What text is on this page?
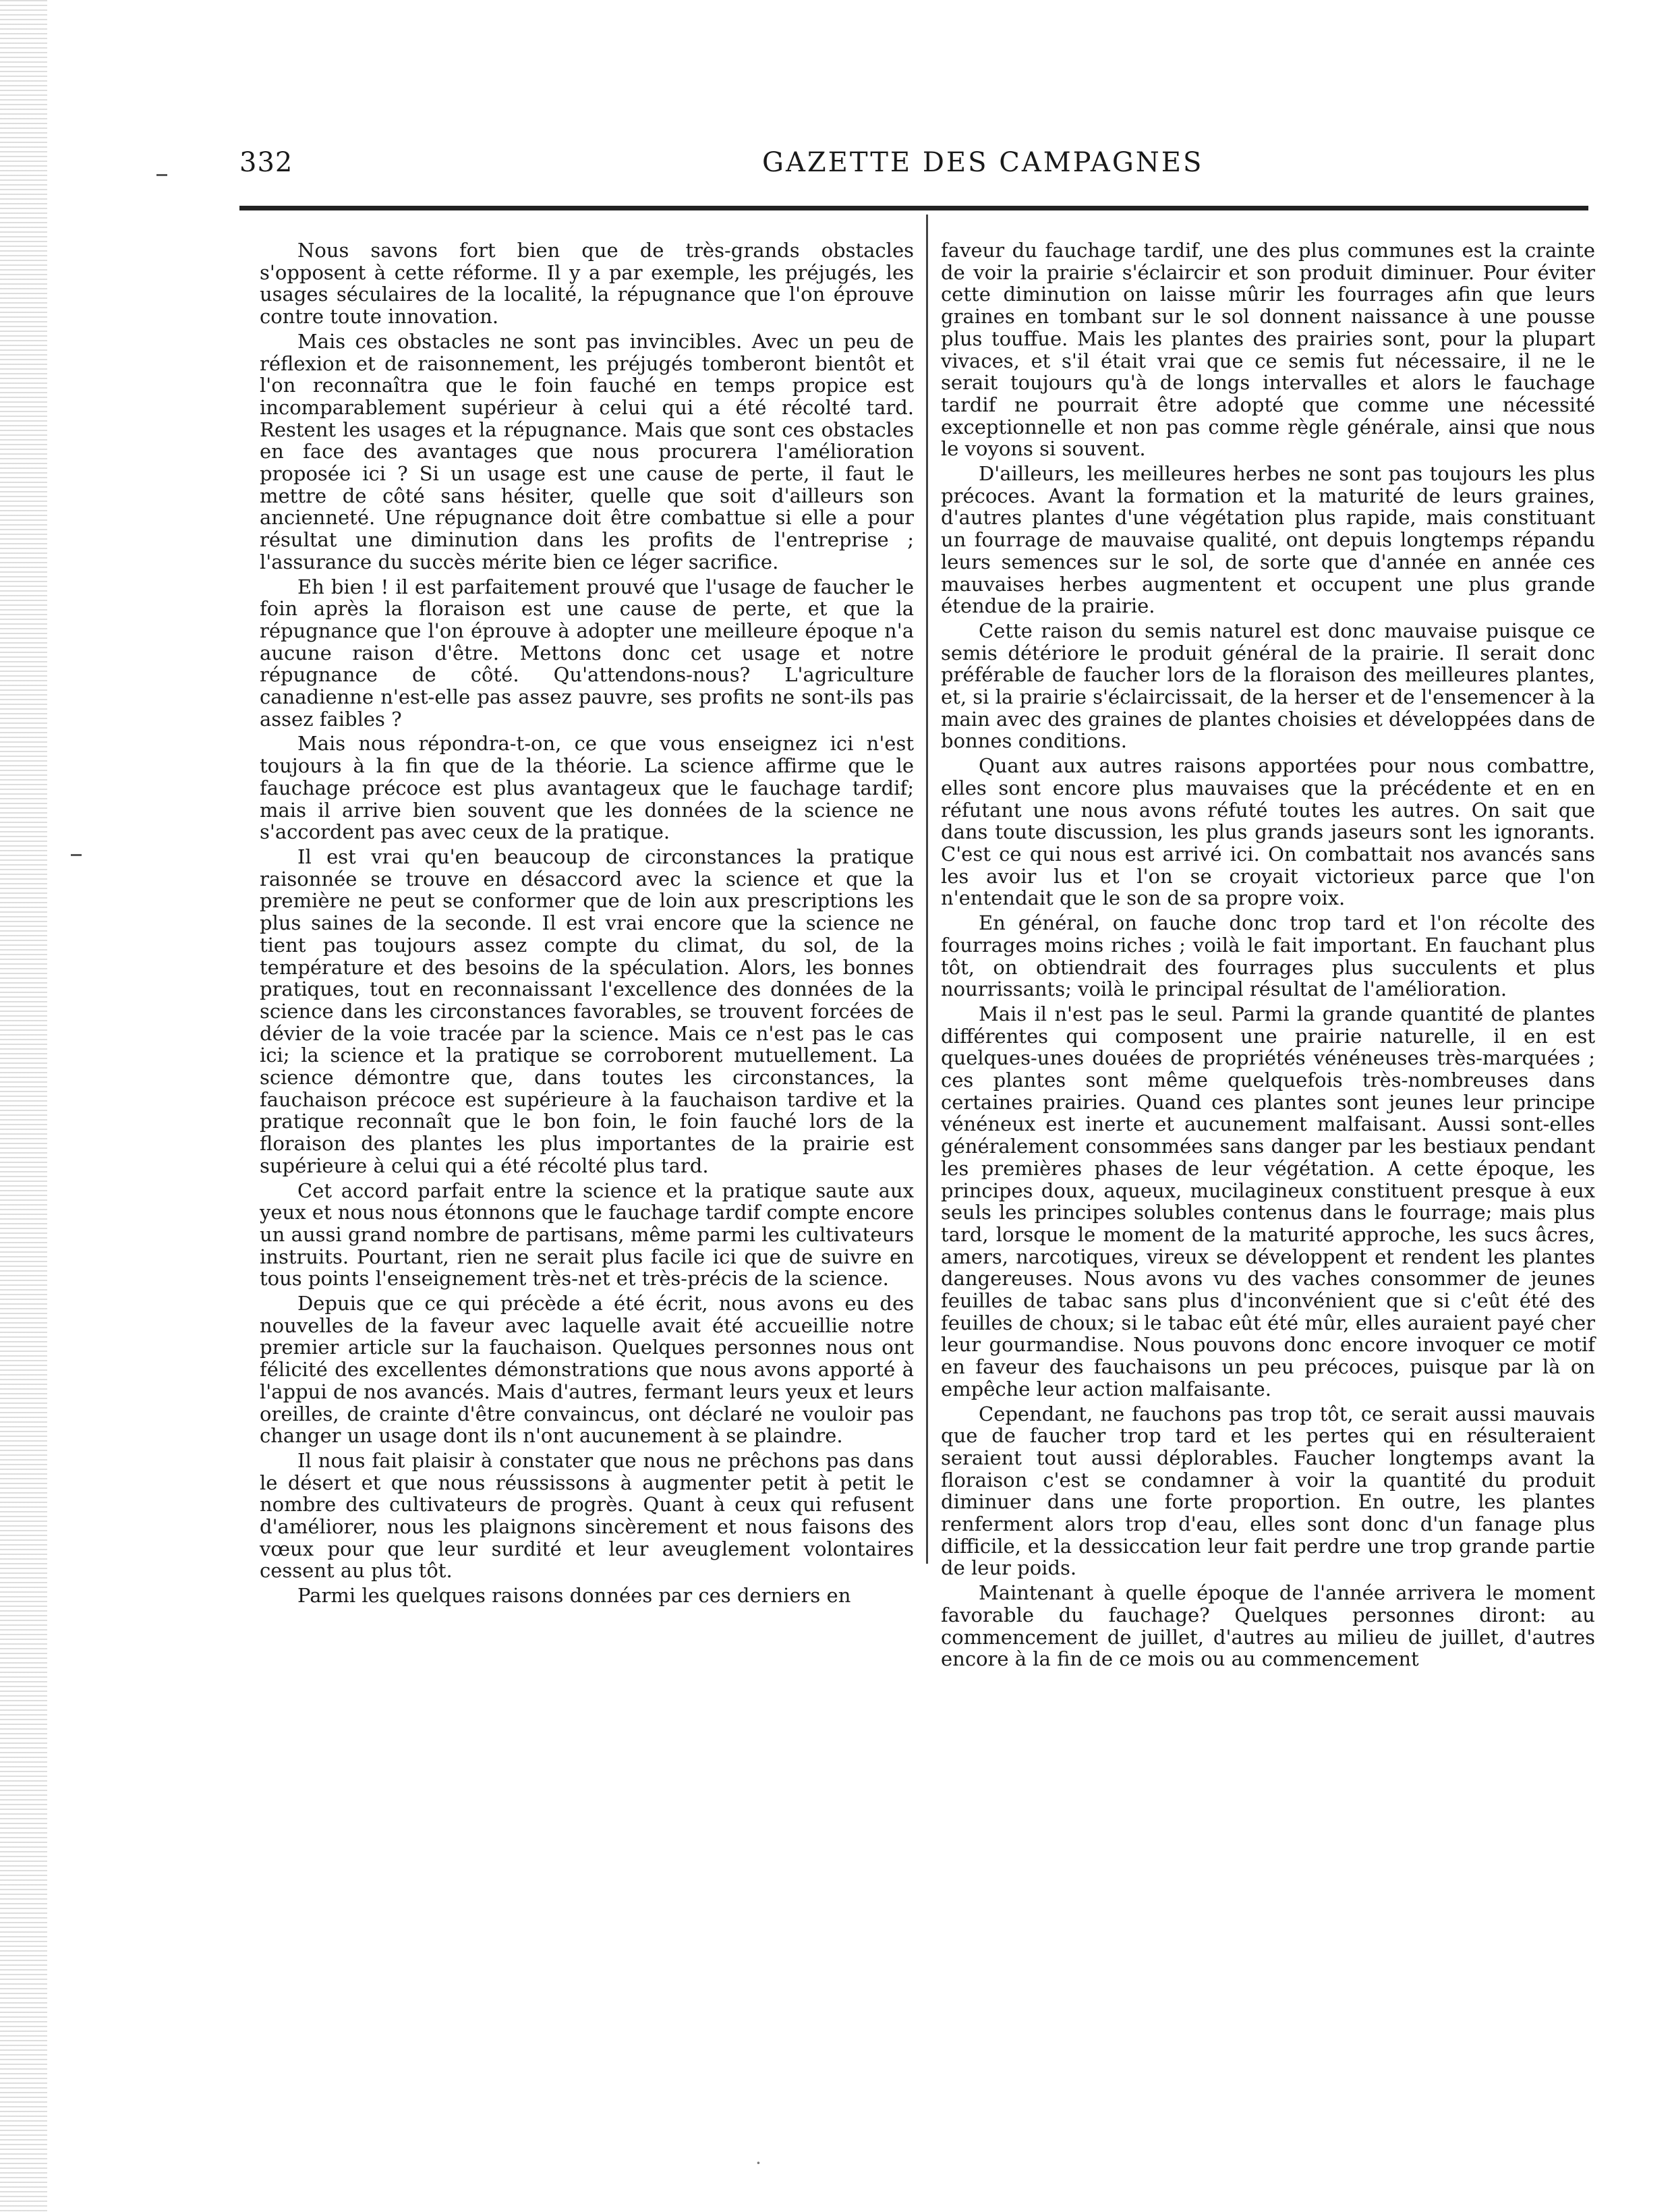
332	GAZETTE DES CAMPAGNES

Nous savons fort bien que de très-grands obstacles s'opposent à cette réforme. Il y a par exemple, les préjugés, les usages séculaires de la localité, la répugnance que l'on éprouve contre toute innovation.

Mais ces obstacles ne sont pas invincibles. Avec un peu de réflexion et de raisonnement, les préjugés tomberont bientôt et l'on reconnaîtra que le foin fauché en temps propice est incomparablement supérieur à celui qui a été récolté tard. Restent les usages et la répugnance. Mais que sont ces obstacles en face des avantages que nous procurera l'amélioration proposée ici ? Si un usage est une cause de perte, il faut le mettre de côté sans hésiter, quelle que soit d'ailleurs son ancienneté. Une répugnance doit être combattue si elle a pour résultat une diminution dans les profits de l'entreprise ; l'assurance du succès mérite bien ce léger sacrifice.

Eh bien ! il est parfaitement prouvé que l'usage de faucher le foin après la floraison est une cause de perte, et que la répugnance que l'on éprouve à adopter une meilleure époque n'a aucune raison d'être. Mettons donc cet usage et notre répugnance de côté. Qu'attendons-nous? L'agriculture canadienne n'est-elle pas assez pauvre, ses profits ne sont-ils pas assez faibles ?

Mais nous répondra-t-on, ce que vous enseignez ici n'est toujours à la fin que de la théorie. La science affirme que le fauchage précoce est plus avantageux que le fauchage tardif; mais il arrive bien souvent que les données de la science ne s'accordent pas avec ceux de la pratique.

Il est vrai qu'en beaucoup de circonstances la pratique raisonnée se trouve en désaccord avec la science et que la première ne peut se conformer que de loin aux prescriptions les plus saines de la seconde. Il est vrai encore que la science ne tient pas toujours assez compte du climat, du sol, de la température et des besoins de la spéculation. Alors, les bonnes pratiques, tout en reconnaissant l'excellence des données de la science dans les circonstances favorables, se trouvent forcées de dévier de la voie tracée par la science. Mais ce n'est pas le cas ici; la science et la pratique se corroborent mutuellement. La science démontre que, dans toutes les circonstances, la fauchaison précoce est supérieure à la fauchaison tardive et la pratique reconnaît que le bon foin, le foin fauché lors de la floraison des plantes les plus importantes de la prairie est supérieure à celui qui a été récolté plus tard.

Cet accord parfait entre la science et la pratique saute aux yeux et nous nous étonnons que le fauchage tardif compte encore un aussi grand nombre de partisans, même parmi les cultivateurs instruits. Pourtant, rien ne serait plus facile ici que de suivre en tous points l'enseignement très-net et très-précis de la science.

Depuis que ce qui précède a été écrit, nous avons eu des nouvelles de la faveur avec laquelle avait été accueillie notre premier article sur la fauchaison. Quelques personnes nous ont félicité des excellentes démonstrations que nous avons apporté à l'appui de nos avancés. Mais d'autres, fermant leurs yeux et leurs oreilles, de crainte d'être convaincus, ont déclaré ne vouloir pas changer un usage dont ils n'ont aucunement à se plaindre.

Il nous fait plaisir à constater que nous ne prêchons pas dans le désert et que nous réussissons à augmenter petit à petit le nombre des cultivateurs de progrès. Quant à ceux qui refusent d'améliorer, nous les plaignons sincèrement et nous faisons des vœux pour que leur surdité et leur aveuglement volontaires cessent au plus tôt.

Parmi les quelques raisons données par ces derniers en

faveur du fauchage tardif, une des plus communes est la crainte de voir la prairie s'éclaircir et son produit diminuer. Pour éviter cette diminution on laisse mûrir les fourrages afin que leurs graines en tombant sur le sol donnent naissance à une pousse plus touffue. Mais les plantes des prairies sont, pour la plupart vivaces, et s'il était vrai que ce semis fut nécessaire, il ne le serait toujours qu'à de longs intervalles et alors le fauchage tardif ne pourrait être adopté que comme une nécessité exceptionnelle et non pas comme règle générale, ainsi que nous le voyons si souvent.

D'ailleurs, les meilleures herbes ne sont pas toujours les plus précoces. Avant la formation et la maturité de leurs graines, d'autres plantes d'une végétation plus rapide, mais constituant un fourrage de mauvaise qualité, ont depuis longtemps répandu leurs semences sur le sol, de sorte que d'année en année ces mauvaises herbes augmentent et occupent une plus grande étendue de la prairie.

Cette raison du semis naturel est donc mauvaise puisque ce semis détériore le produit général de la prairie. Il serait donc préférable de faucher lors de la floraison des meilleures plantes, et, si la prairie s'éclaircissait, de la herser et de l'ensemencer à la main avec des graines de plantes choisies et développées dans de bonnes conditions.

Quant aux autres raisons apportées pour nous combattre, elles sont encore plus mauvaises que la précédente et en en réfutant une nous avons réfuté toutes les autres. On sait que dans toute discussion, les plus grands jaseurs sont les ignorants. C'est ce qui nous est arrivé ici. On combattait nos avancés sans les avoir lus et l'on se croyait victorieux parce que l'on n'entendait que le son de sa propre voix.

En général, on fauche donc trop tard et l'on récolte des fourrages moins riches ; voilà le fait important. En fauchant plus tôt, on obtiendrait des fourrages plus succulents et plus nourrissants; voilà le principal résultat de l'amélioration.

Mais il n'est pas le seul. Parmi la grande quantité de plantes différentes qui composent une prairie naturelle, il en est quelques-unes douées de propriétés vénéneuses très-marquées ; ces plantes sont même quelquefois très-nombreuses dans certaines prairies. Quand ces plantes sont jeunes leur principe vénéneux est inerte et aucunement malfaisant. Aussi sont-elles généralement consommées sans danger par les bestiaux pendant les premières phases de leur végétation. A cette époque, les principes doux, aqueux, mucilagineux constituent presque à eux seuls les principes solubles contenus dans le fourrage; mais plus tard, lorsque le moment de la maturité approche, les sucs âcres, amers, narcotiques, vireux se développent et rendent les plantes dangereuses. Nous avons vu des vaches consommer de jeunes feuilles de tabac sans plus d'inconvénient que si c'eût été des feuilles de choux; si le tabac eût été mûr, elles auraient payé cher leur gourmandise. Nous pouvons donc encore invoquer ce motif en faveur des fauchaisons un peu précoces, puisque par là on empêche leur action malfaisante.

Cependant, ne fauchons pas trop tôt, ce serait aussi mauvais que de faucher trop tard et les pertes qui en résulteraient seraient tout aussi déplorables. Faucher longtemps avant la floraison c'est se condamner à voir la quantité du produit diminuer dans une forte proportion. En outre, les plantes renferment alors trop d'eau, elles sont donc d'un fanage plus difficile, et la dessiccation leur fait perdre une trop grande partie de leur poids.

Maintenant à quelle époque de l'année arrivera le moment favorable du fauchage? Quelques personnes diront: au commencement de juillet, d'autres au milieu de juillet, d'autres encore à la fin de ce mois ou au commencement

·
